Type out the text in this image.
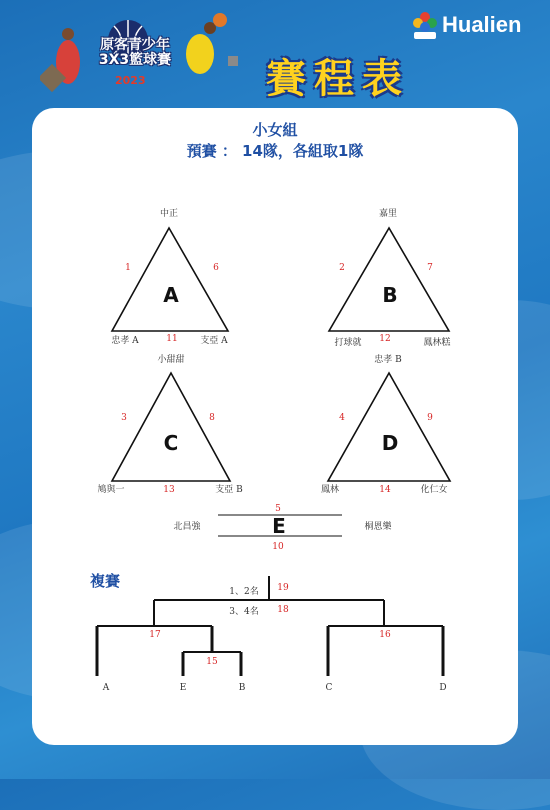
原客青少年
3X3籃球賽
2023	賽程表
Hualien
小女組
預賽 ： 14隊，各組取1隊
中正
忠孝 A	支亞 A
1	6
11
A
嘉里
打球就	鳳林糕
2	7
12
B
小甜甜
鳩與一	支亞 B
3	8
13
C
忠孝 B
鳳林	化仁女
4	9
14
D
北昌強	桐恩樂
5
10
E
複賽
1、2名 19
3、4名 18
17
15
16
A	E	B	C	D
